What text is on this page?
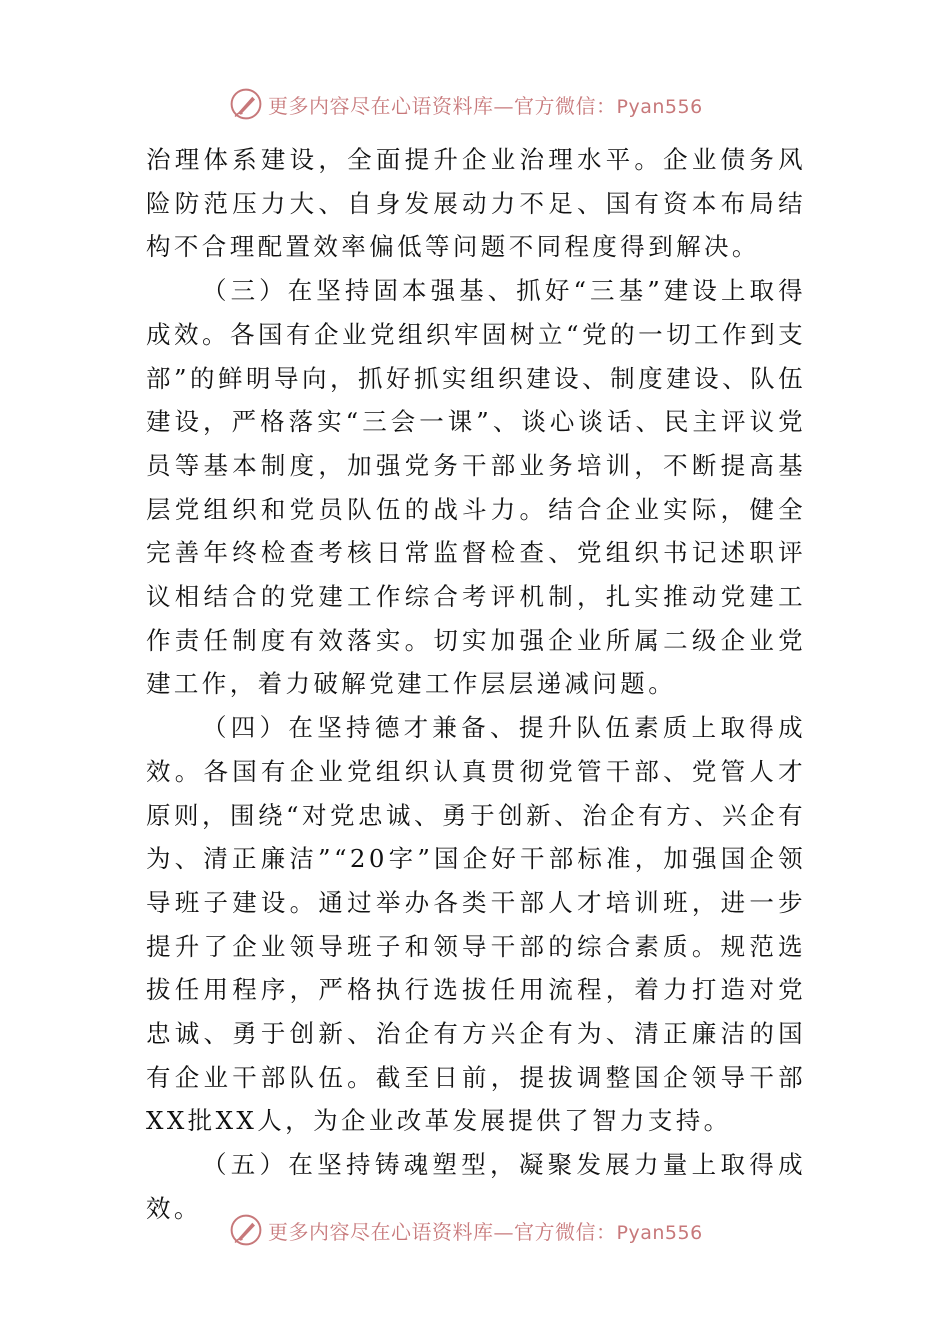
更多内容尽在心语资料库—官方微信：Pyan556

治理体系建设，全面提升企业治理水平。企业债务风险防范压力大、自身发展动力不足、国有资本布局结构不合理配置效率偏低等问题不同程度得到解决。

（三）在坚持固本强基、抓好“三基”建设上取得成效。各国有企业党组织牢固树立“党的一切工作到支部”的鲜明导向，抓好抓实组织建设、制度建设、队伍建设，严格落实“三会一课”、谈心谈话、民主评议党员等基本制度，加强党务干部业务培训，不断提高基层党组织和党员队伍的战斗力。结合企业实际，健全完善年终检查考核日常监督检查、党组织书记述职评议相结合的党建工作综合考评机制，扎实推动党建工作责任制度有效落实。切实加强企业所属二级企业党建工作，着力破解党建工作层层递减问题。

（四）在坚持德才兼备、提升队伍素质上取得成效。各国有企业党组织认真贯彻党管干部、党管人才原则，围绕“对党忠诚、勇于创新、治企有方、兴企有为、清正廉洁”“20字”国企好干部标准，加强国企领导班子建设。通过举办各类干部人才培训班，进一步提升了企业领导班子和领导干部的综合素质。规范选拔任用程序，严格执行选拔任用流程，着力打造对党忠诚、勇于创新、治企有方兴企有为、清正廉洁的国有企业干部队伍。截至日前，提拔调整国企领导干部XX批XX人，为企业改革发展提供了智力支持。

（五）在坚持铸魂塑型，凝聚发展力量上取得成效。

更多内容尽在心语资料库—官方微信：Pyan556
